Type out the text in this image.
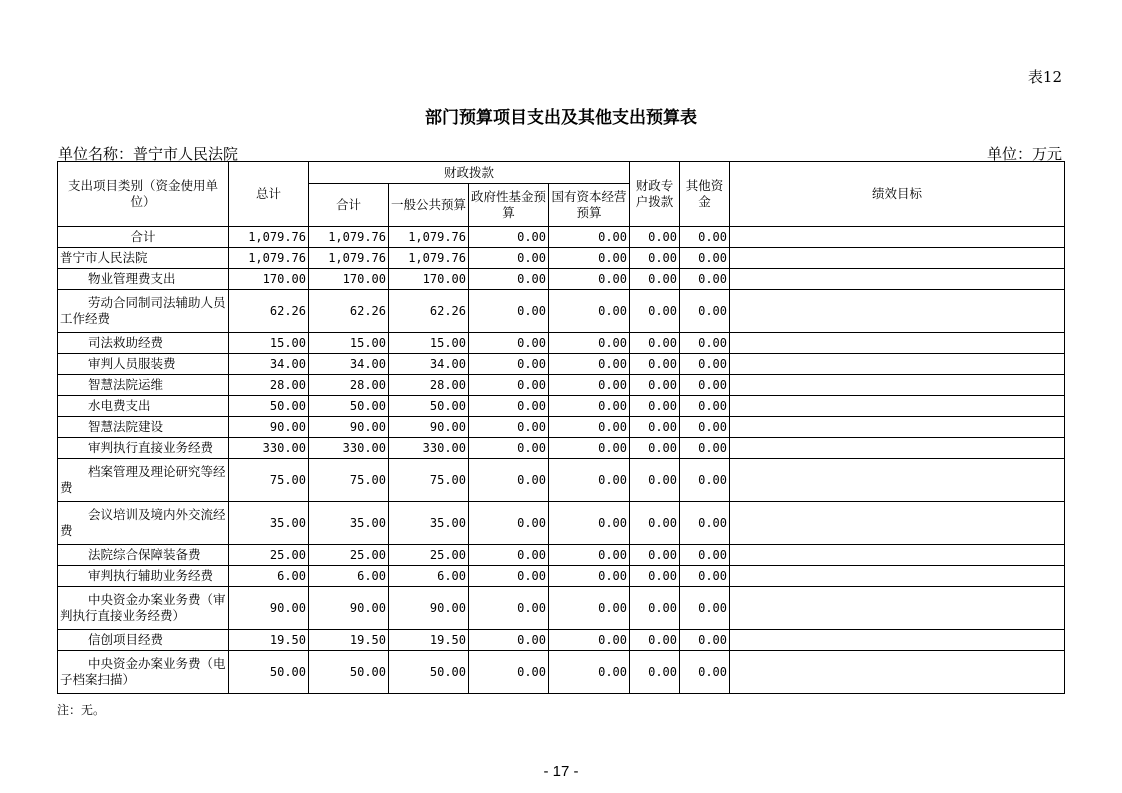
表12
部门预算项目支出及其他支出预算表
单位名称：普宁市人民法院	单位：万元
支出项目类别（资金使用单位）	总计	财政拨款				财政专户拨款	其他资金	绩效目标
		合计	一般公共预算	政府性基金预算	国有资本经营预算			
合计	1,079.76	1,079.76	1,079.76	0.00	0.00	0.00	0.00	
普宁市人民法院	1,079.76	1,079.76	1,079.76	0.00	0.00	0.00	0.00	
物业管理费支出	170.00	170.00	170.00	0.00	0.00	0.00	0.00	
劳动合同制司法辅助人员工作经费	62.26	62.26	62.26	0.00	0.00	0.00	0.00	
司法救助经费	15.00	15.00	15.00	0.00	0.00	0.00	0.00	
审判人员服装费	34.00	34.00	34.00	0.00	0.00	0.00	0.00	
智慧法院运维	28.00	28.00	28.00	0.00	0.00	0.00	0.00	
水电费支出	50.00	50.00	50.00	0.00	0.00	0.00	0.00	
智慧法院建设	90.00	90.00	90.00	0.00	0.00	0.00	0.00	
审判执行直接业务经费	330.00	330.00	330.00	0.00	0.00	0.00	0.00	
档案管理及理论研究等经费	75.00	75.00	75.00	0.00	0.00	0.00	0.00	
会议培训及境内外交流经费	35.00	35.00	35.00	0.00	0.00	0.00	0.00	
法院综合保障装备费	25.00	25.00	25.00	0.00	0.00	0.00	0.00	
审判执行辅助业务经费	6.00	6.00	6.00	0.00	0.00	0.00	0.00	
中央资金办案业务费（审判执行直接业务经费）	90.00	90.00	90.00	0.00	0.00	0.00	0.00	
信创项目经费	19.50	19.50	19.50	0.00	0.00	0.00	0.00	
中央资金办案业务费（电子档案扫描）	50.00	50.00	50.00	0.00	0.00	0.00	0.00	
注：无。
- 17 -
